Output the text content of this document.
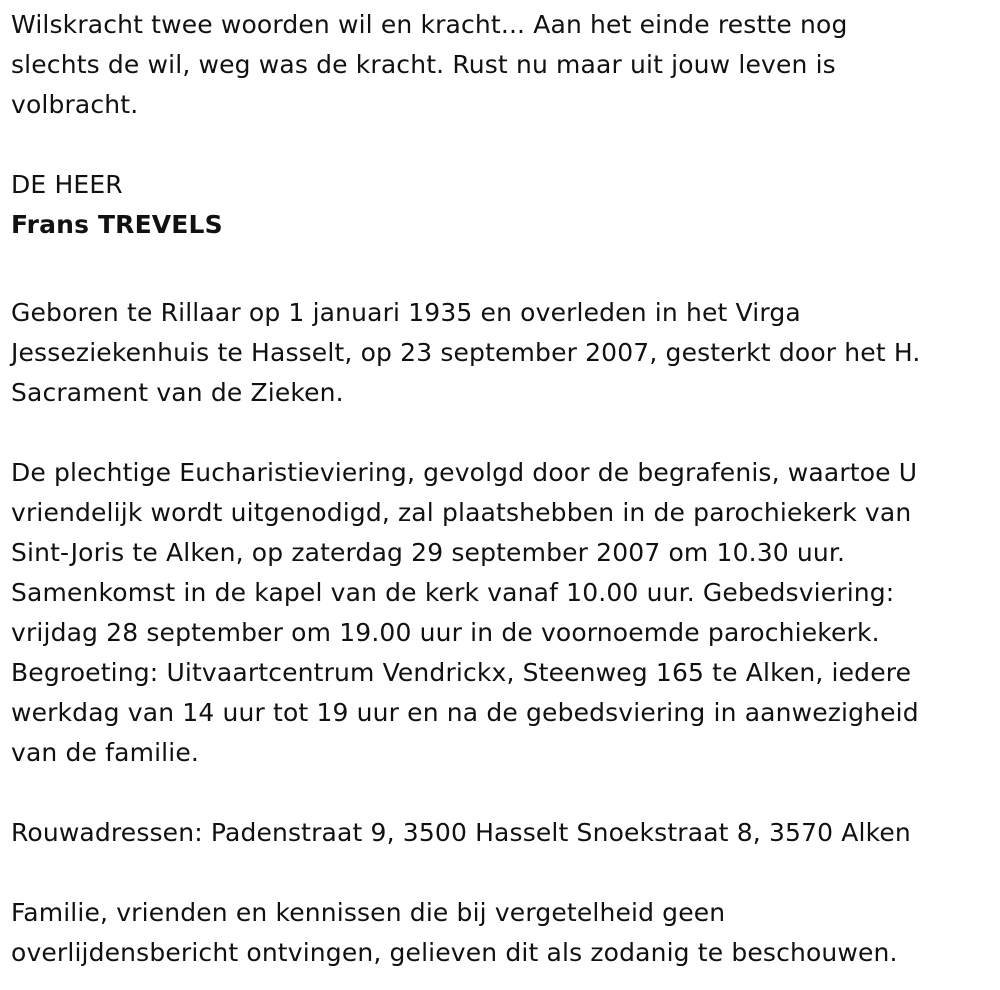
Wilskracht twee woorden wil en kracht... Aan het einde restte nog
slechts de wil, weg was de kracht. Rust nu maar uit jouw leven is
volbracht.

DE HEER

Frans TREVELS

Geboren te Rillaar op 1 januari 1935 en overleden in het Virga
Jesseziekenhuis te Hasselt, op 23 september 2007, gesterkt door het H.
Sacrament van de Zieken.

De plechtige Eucharistieviering, gevolgd door de begrafenis, waartoe U
vriendelijk wordt uitgenodigd, zal plaatshebben in de parochiekerk van
Sint-Joris te Alken, op zaterdag 29 september 2007 om 10.30 uur.
Samenkomst in de kapel van de kerk vanaf 10.00 uur. Gebedsviering:
vrijdag 28 september om 19.00 uur in de voornoemde parochiekerk.
Begroeting: Uitvaartcentrum Vendrickx, Steenweg 165 te Alken, iedere
werkdag van 14 uur tot 19 uur en na de gebedsviering in aanwezigheid
van de familie.

Rouwadressen: Padenstraat 9, 3500 Hasselt Snoekstraat 8, 3570 Alken

Familie, vrienden en kennissen die bij vergetelheid geen
overlijdensbericht ontvingen, gelieven dit als zodanig te beschouwen.
